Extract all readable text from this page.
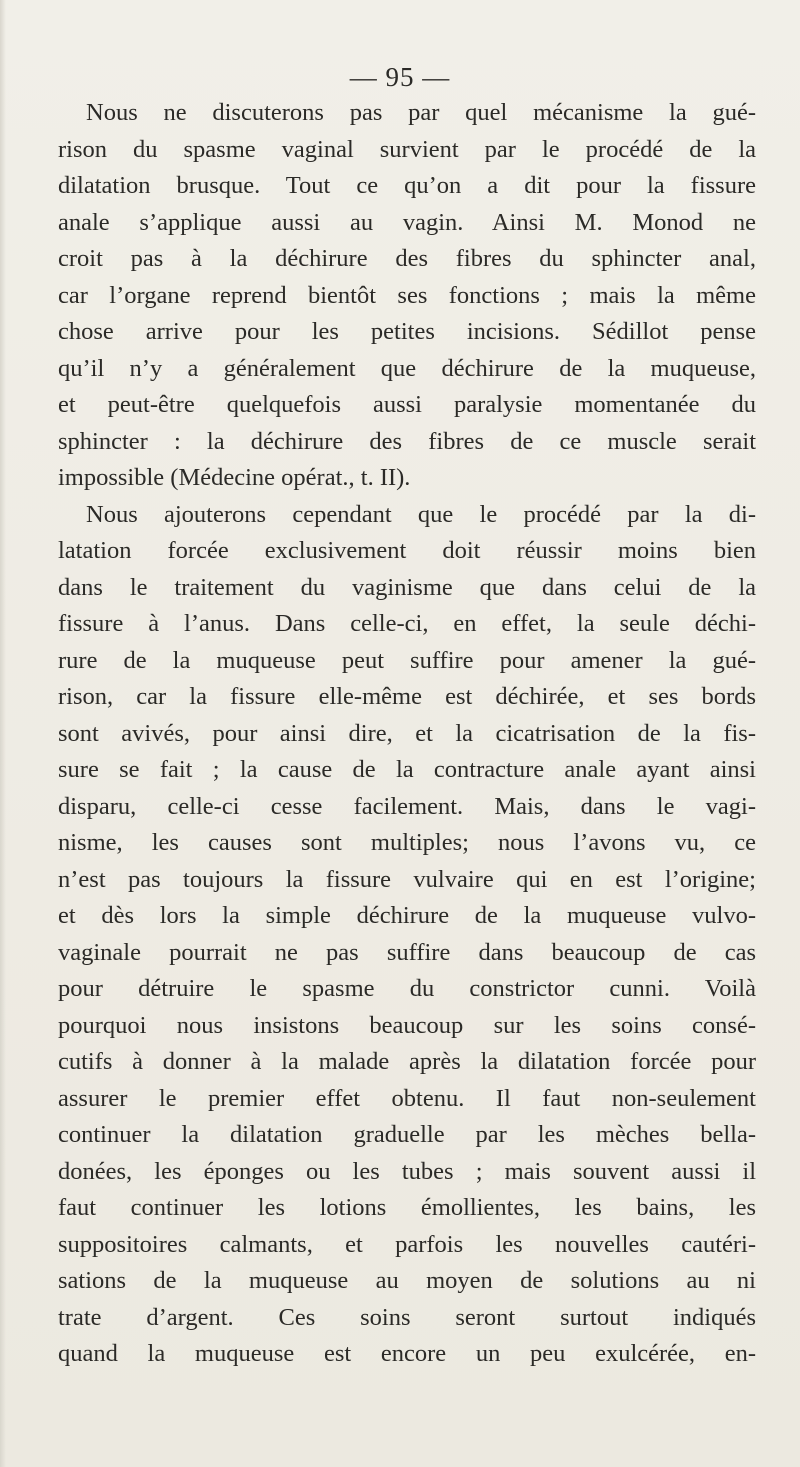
— 95 —
Nous ne discuterons pas par quel mécanisme la gué-
rison du spasme vaginal survient par le procédé de la
dilatation brusque. Tout ce qu’on a dit pour la fissure
anale s’applique aussi au vagin. Ainsi M. Monod ne
croit pas à la déchirure des fibres du sphincter anal,
car l’organe reprend bientôt ses fonctions ; mais la même
chose arrive pour les petites incisions. Sédillot pense
qu’il n’y a généralement que déchirure de la muqueuse,
et peut-être quelquefois aussi paralysie momentanée du
sphincter : la déchirure des fibres de ce muscle serait
impossible (Médecine opérat., t. II).
Nous ajouterons cependant que le procédé par la di-
latation forcée exclusivement doit réussir moins bien
dans le traitement du vaginisme que dans celui de la
fissure à l’anus. Dans celle-ci, en effet, la seule déchi-
rure de la muqueuse peut suffire pour amener la gué-
rison, car la fissure elle-même est déchirée, et ses bords
sont avivés, pour ainsi dire, et la cicatrisation de la fis-
sure se fait ; la cause de la contracture anale ayant ainsi
disparu, celle-ci cesse facilement. Mais, dans le vagi-
nisme, les causes sont multiples; nous l’avons vu, ce
n’est pas toujours la fissure vulvaire qui en est l’origine;
et dès lors la simple déchirure de la muqueuse vulvo-
vaginale pourrait ne pas suffire dans beaucoup de cas
pour détruire le spasme du constrictor cunni. Voilà
pourquoi nous insistons beaucoup sur les soins consé-
cutifs à donner à la malade après la dilatation forcée pour
assurer le premier effet obtenu. Il faut non-seulement
continuer la dilatation graduelle par les mèches bella-
donées, les éponges ou les tubes ; mais souvent aussi il
faut continuer les lotions émollientes, les bains, les
suppositoires calmants, et parfois les nouvelles cautéri-
sations de la muqueuse au moyen de solutions au ni
trate d’argent. Ces soins seront surtout indiqués
quand la muqueuse est encore un peu exulcérée, en-
